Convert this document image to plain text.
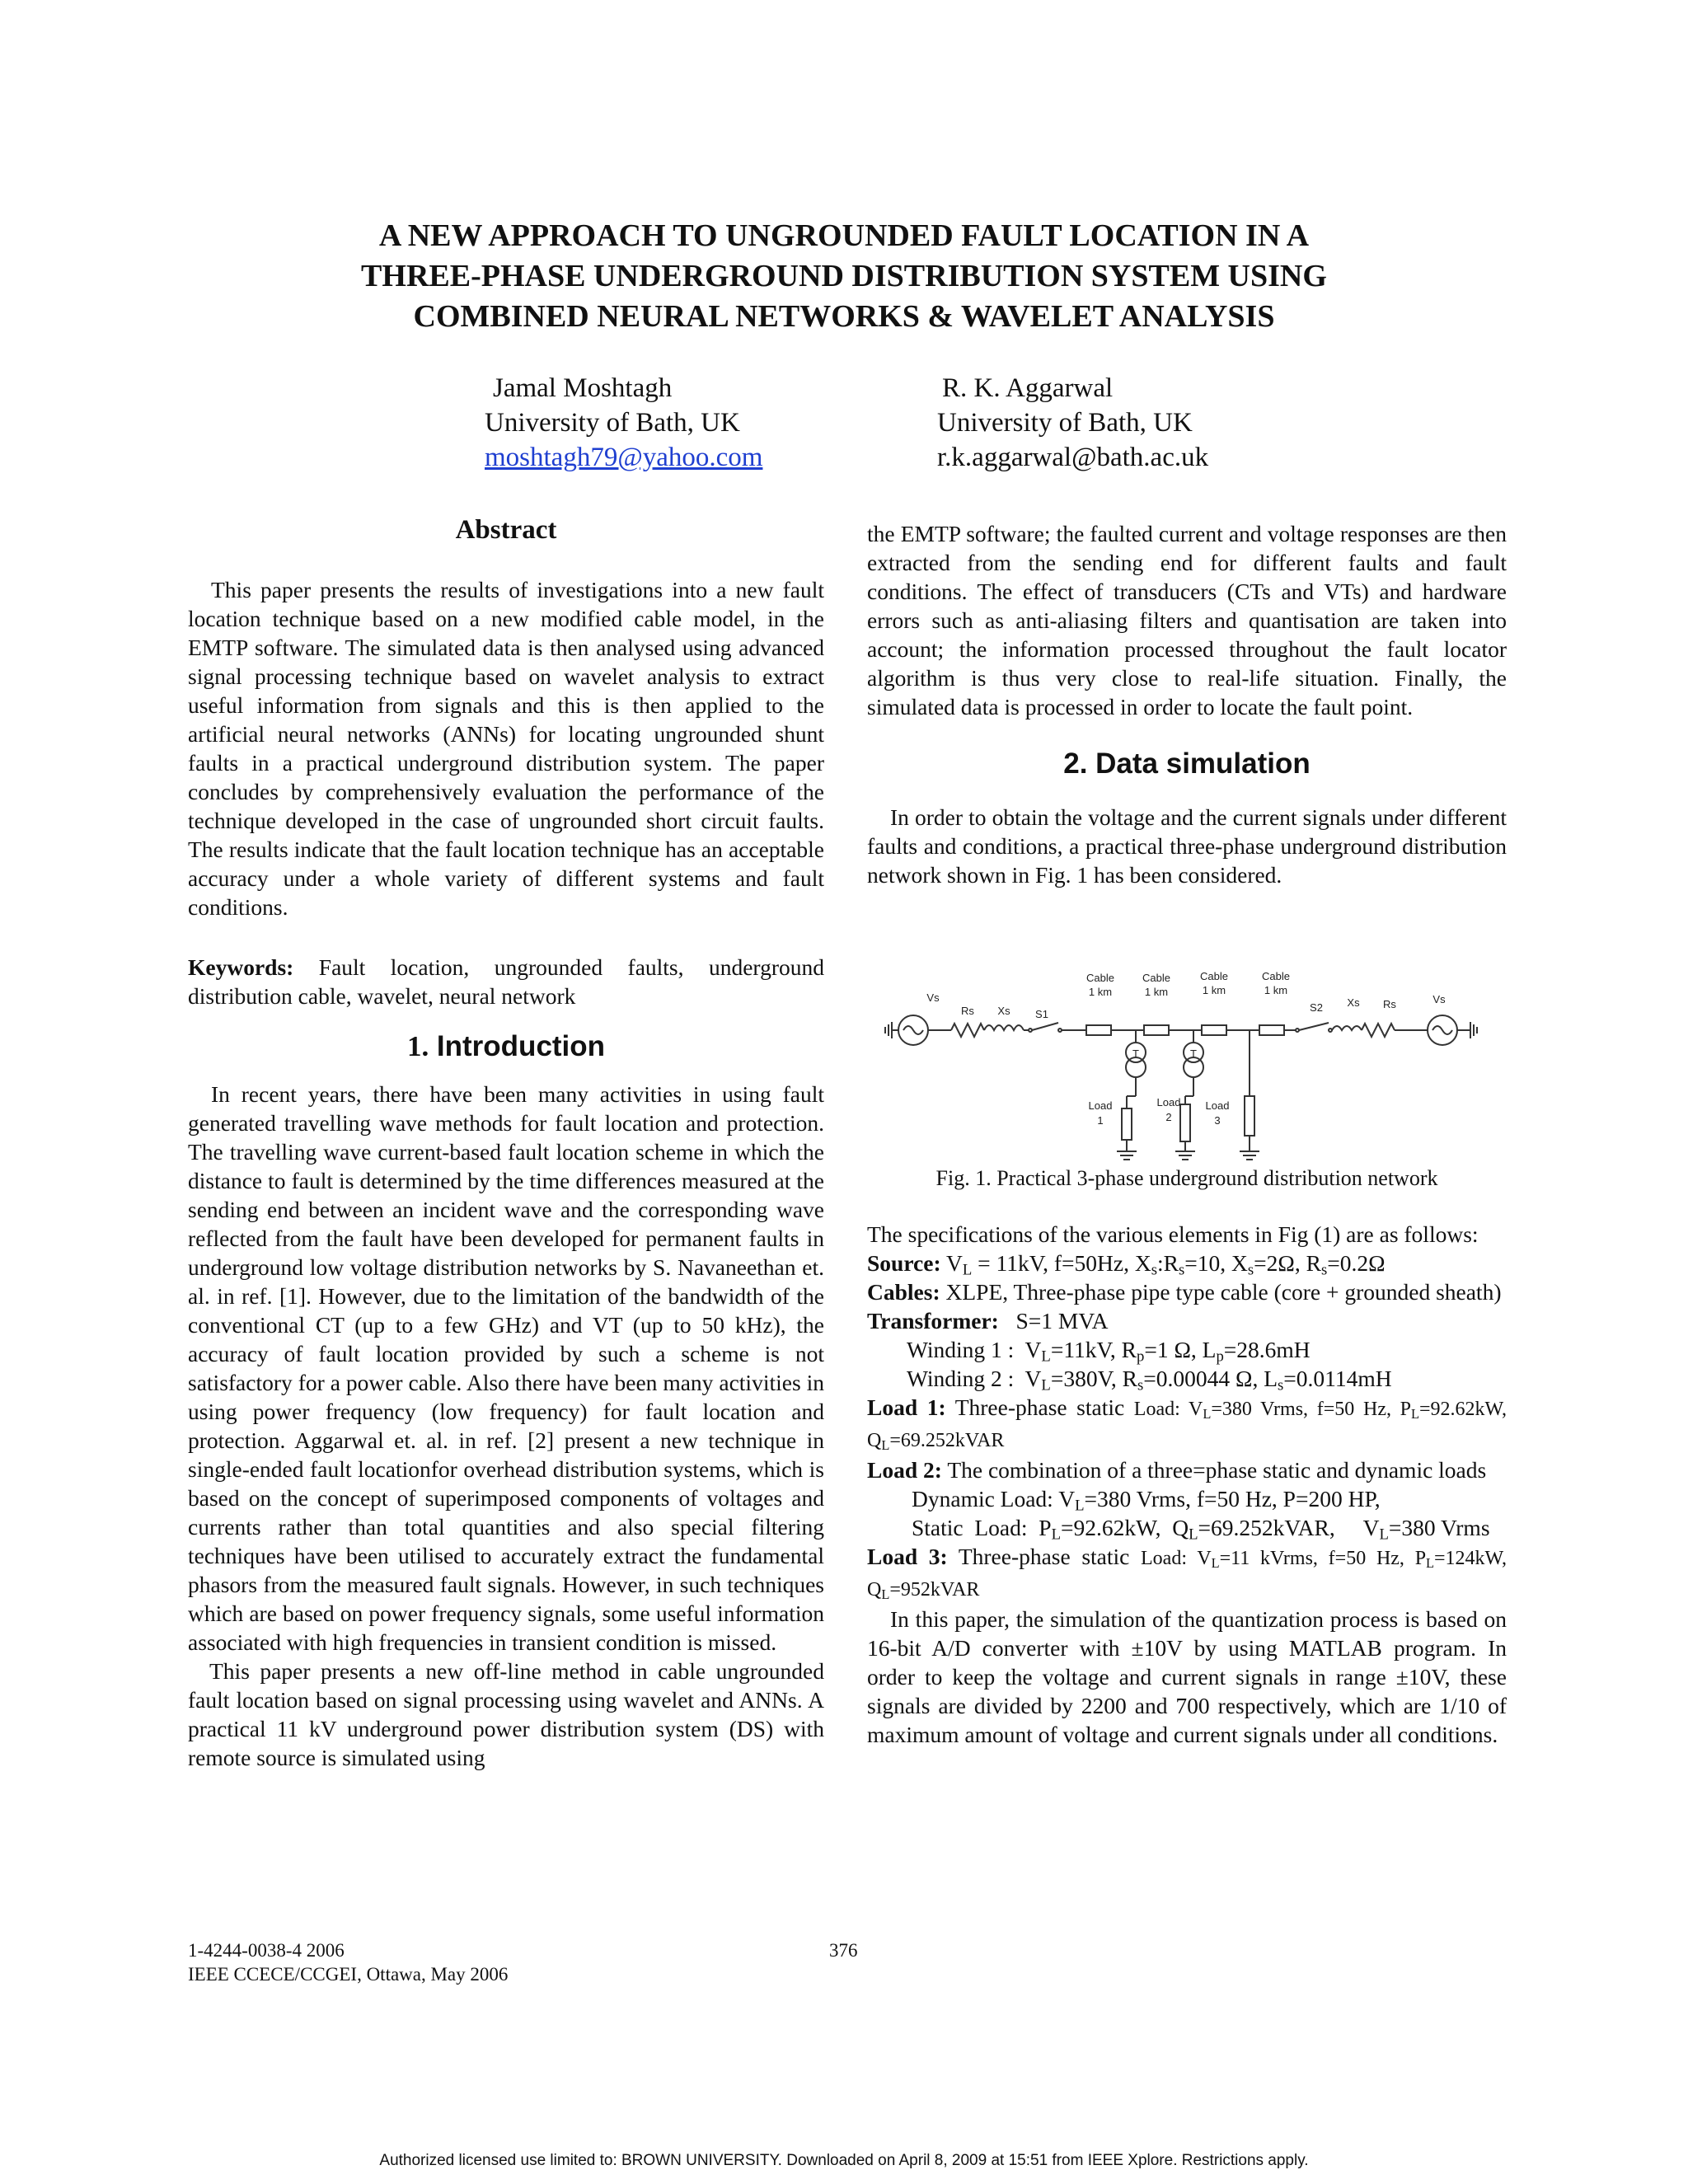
A NEW APPROACH TO UNGROUNDED FAULT LOCATION IN A
THREE-PHASE UNDERGROUND DISTRIBUTION SYSTEM USING
COMBINED NEURAL NETWORKS & WAVELET ANALYSIS
Jamal Moshtagh
University of Bath, UK
moshtagh79@yahoo.com
R. K. Aggarwal
University of Bath, UK
r.k.aggarwal@bath.ac.uk

Abstract

This paper presents the results of investigations into a new fault location technique based on a new modified cable model, in the EMTP software. The simulated data is then analysed using advanced signal processing technique based on wavelet analysis to extract useful information from signals and this is then applied to the artificial neural networks (ANNs) for locating ungrounded shunt faults in a practical underground distribution system. The paper concludes by comprehensively evaluation the performance of the technique developed in the case of ungrounded short circuit faults. The results indicate that the fault location technique has an acceptable accuracy under a whole variety of different systems and fault conditions.

Keywords: Fault location, ungrounded faults, underground distribution cable, wavelet, neural network

1. Introduction

In recent years, there have been many activities in using fault generated travelling wave methods for fault location and protection. The travelling wave current-based fault location scheme in which the distance to fault is determined by the time differences measured at the sending end between an incident wave and the corresponding wave reflected from the fault have been developed for permanent faults in underground low voltage distribution networks by S. Navaneethan et. al. in ref. [1]. However, due to the limitation of the bandwidth of the conventional CT (up to a few GHz) and VT (up to 50 kHz), the accuracy of fault location provided by such a scheme is not satisfactory for a power cable. Also there have been many activities in using power frequency (low frequency) for fault location and protection. Aggarwal et. al. in ref. [2] present a new technique in single-ended fault locationfor overhead distribution systems, which is based on the concept of superimposed components of voltages and currents rather than total quantities and also special filtering techniques have been utilised to accurately extract the fundamental phasors from the measured fault signals. However, in such techniques which are based on power frequency signals, some useful information associated with high frequencies in transient condition is missed.

This paper presents a new off-line method in cable ungrounded fault location based on signal processing using wavelet and ANNs. A practical 11 kV underground power distribution system (DS) with remote source is simulated using

the EMTP software; the faulted current and voltage responses are then extracted from the sending end for different faults and fault conditions. The effect of transducers (CTs and VTs) and hardware errors such as anti-aliasing filters and quantisation are taken into account; the information processed throughout the fault locator algorithm is thus very close to real-life situation. Finally, the simulated data is processed in order to locate the fault point.

2. Data simulation

In order to obtain the voltage and the current signals under different faults and conditions, a practical three-phase underground distribution network shown in Fig. 1 has been considered.

Vs
Rs Xs S1
Cable
1 km
Cable
1 km
Cable
1 km
Cable
1 km
S2 Xs Rs	Vs
T	T
Load
1
Load
2
Load
3
Fig. 1. Practical 3-phase underground distribution network

The specifications of the various elements in Fig (1) are as follows:

Source: $V_L = 11kV$, f=50Hz, $X_s:R_s=10$, $X_s=2\Omega$, $R_s=0.2\Omega$

Cables: XLPE, Three-phase pipe type cable (core + grounded sheath)

Transformer: S=1 MVA

Winding 1 :  $V_L=11kV$, $R_p=1$ Ω, $L_p=28.6mH$

Winding 2 :  $V_L=380V$, $R_s=0.00044$ Ω, $L_s=0.0114mH$

Load 1: Three-phase static Load: $V_L=380$ Vrms, f=50 Hz, $P_L=92.62kW$, $Q_L=69.252kVAR$

Load 2: The combination of a three=phase static and dynamic loads

Dynamic Load: $V_L=380$ Vrms, f=50 Hz, P=200 HP,

Static  Load:  $P_L=92.62kW$,  $Q_L=69.252kVAR$,     $V_L=380$ Vrms

Load 3: Three-phase static Load: $V_L=11$ kVrms, f=50 Hz, $P_L=124kW$, $Q_L=952kVAR$

In this paper, the simulation of the quantization process is based on 16-bit A/D converter with ±10V by using MATLAB program. In order to keep the voltage and current signals in range ±10V, these signals are divided by 2200 and 700 respectively, which are 1/10 of maximum amount of voltage and current signals under all conditions.

1-4244-0038-4 2006
IEEE CCECE/CCGEI, Ottawa, May 2006
376
Authorized licensed use limited to: BROWN UNIVERSITY. Downloaded on April 8, 2009 at 15:51 from IEEE Xplore. Restrictions apply.
